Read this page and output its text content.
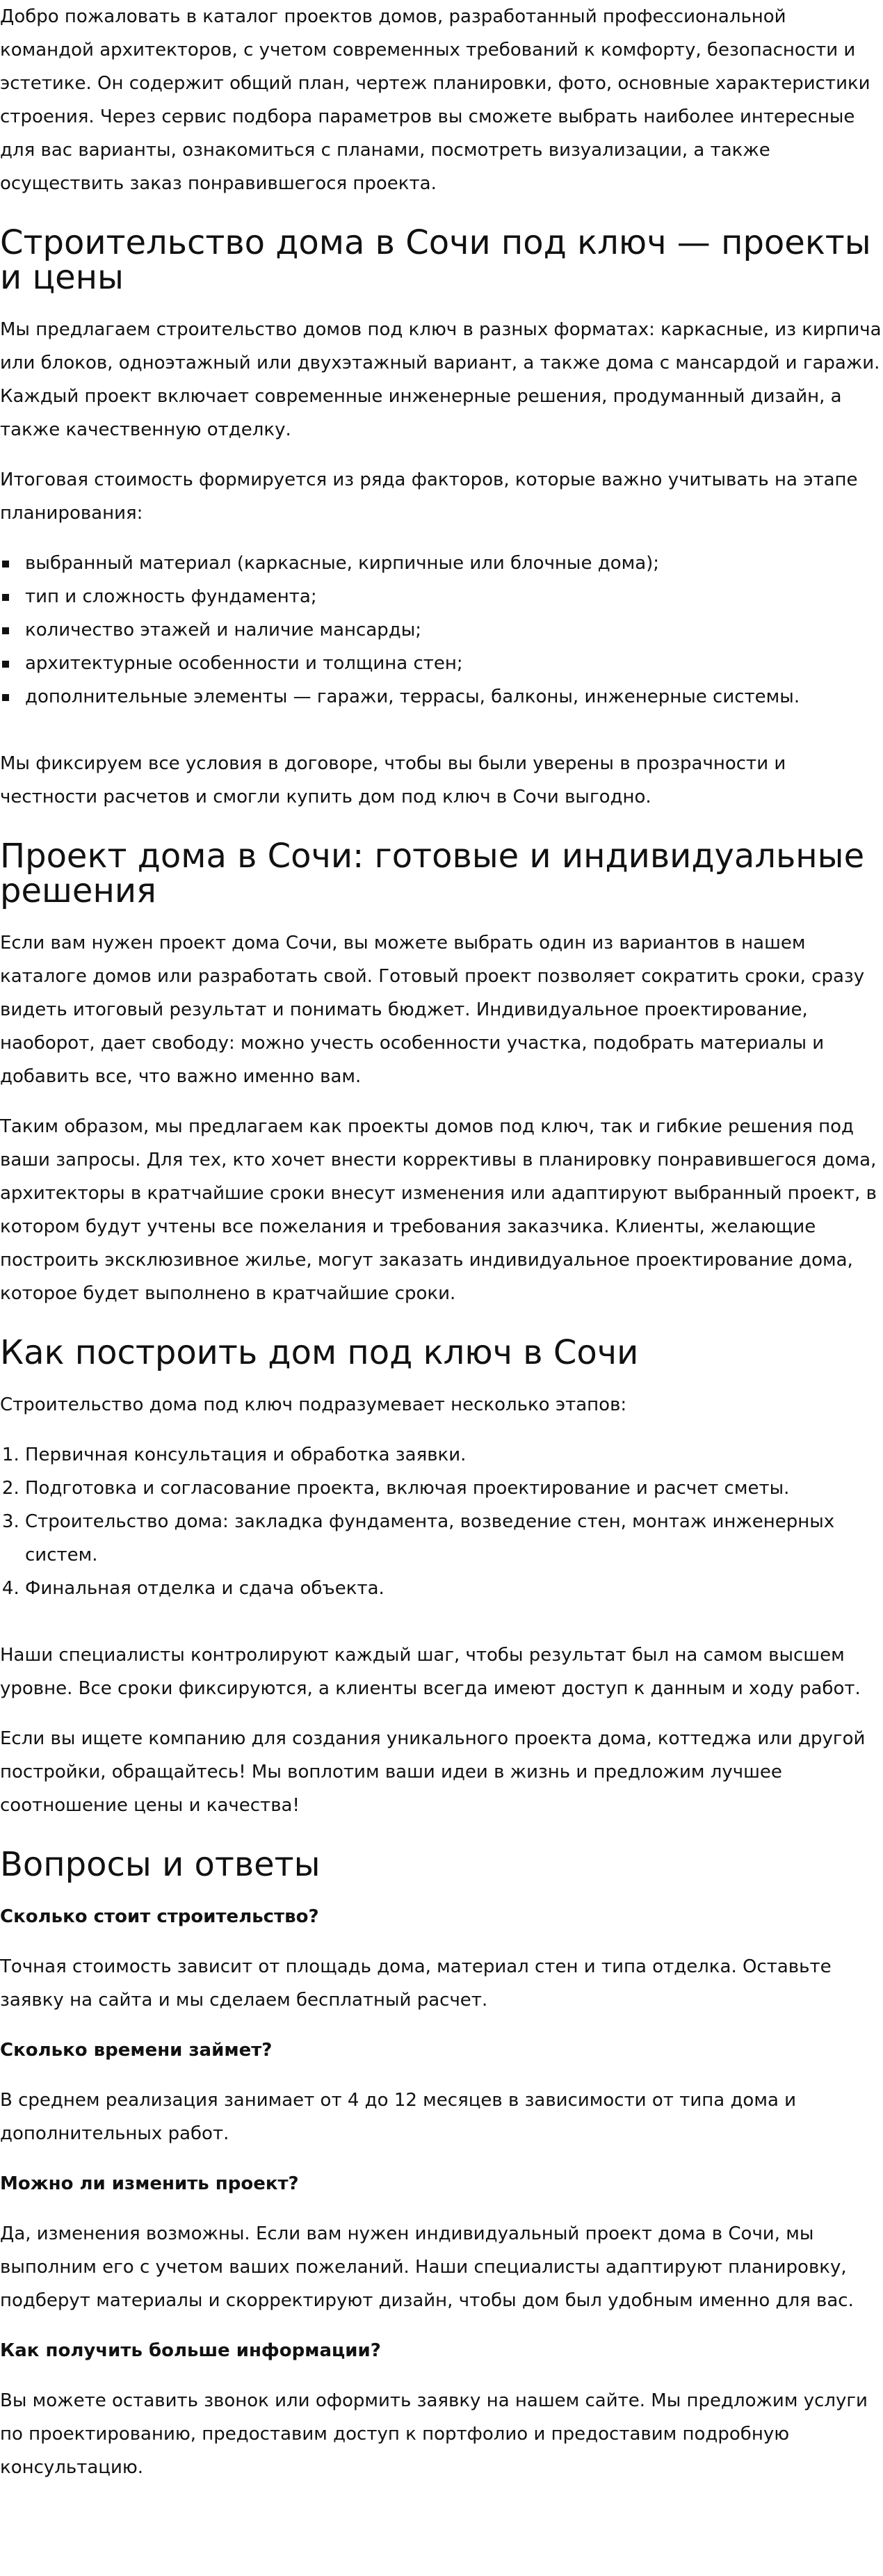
Добро пожаловать в каталог проектов домов, разработанный профессиональной командой архитекторов, с учетом современных требований к комфорту, безопасности и эстетике. Он содержит общий план, чертеж планировки, фото, основные характеристики строения. Через сервис подбора параметров вы сможете выбрать наиболее интересные для вас варианты, ознакомиться с планами, посмотреть визуализации, а также осуществить заказ понравившегося проекта.

Строительство дома в Сочи под ключ — проекты и цены

Мы предлагаем строительство домов под ключ в разных форматах: каркасные, из кирпича или блоков, одноэтажный или двухэтажный вариант, а также дома с мансардой и гаражи. Каждый проект включает современные инженерные решения, продуманный дизайн, а также качественную отделку.

Итоговая стоимость формируется из ряда факторов, которые важно учитывать на этапе планирования:

выбранный материал (каркасные, кирпичные или блочные дома);
тип и сложность фундамента;
количество этажей и наличие мансарды;
архитектурные особенности и толщина стен;
дополнительные элементы — гаражи, террасы, балконы, инженерные системы.

Мы фиксируем все условия в договоре, чтобы вы были уверены в прозрачности и честности расчетов и смогли купить дом под ключ в Сочи выгодно.

Проект дома в Сочи: готовые и индивидуальные решения

Если вам нужен проект дома Сочи, вы можете выбрать один из вариантов в нашем каталоге домов или разработать свой. Готовый проект позволяет сократить сроки, сразу видеть итоговый результат и понимать бюджет. Индивидуальное проектирование, наоборот, дает свободу: можно учесть особенности участка, подобрать материалы и добавить все, что важно именно вам.

Таким образом, мы предлагаем как проекты домов под ключ, так и гибкие решения под ваши запросы. Для тех, кто хочет внести коррективы в планировку понравившегося дома, архитекторы в кратчайшие сроки внесут изменения или адаптируют выбранный проект, в котором будут учтены все пожелания и требования заказчика. Клиенты, желающие построить эксклюзивное жилье, могут заказать индивидуальное проектирование дома, которое будет выполнено в кратчайшие сроки.

Как построить дом под ключ в Сочи

Строительство дома под ключ подразумевает несколько этапов:

1. Первичная консультация и обработка заявки.
2. Подготовка и согласование проекта, включая проектирование и расчет сметы.
3. Строительство дома: закладка фундамента, возведение стен, монтаж инженерных систем.
4. Финальная отделка и сдача объекта.

Наши специалисты контролируют каждый шаг, чтобы результат был на самом высшем уровне. Все сроки фиксируются, а клиенты всегда имеют доступ к данным и ходу работ.

Если вы ищете компанию для создания уникального проекта дома, коттеджа или другой постройки, обращайтесь! Мы воплотим ваши идеи в жизнь и предложим лучшее соотношение цены и качества!

Вопросы и ответы

Сколько стоит строительство?

Точная стоимость зависит от площадь дома, материал стен и типа отделка. Оставьте заявку на сайта и мы сделаем бесплатный расчет.

Сколько времени займет?

В среднем реализация занимает от 4 до 12 месяцев в зависимости от типа дома и дополнительных работ.

Можно ли изменить проект?

Да, изменения возможны. Если вам нужен индивидуальный проект дома в Сочи, мы выполним его с учетом ваших пожеланий. Наши специалисты адаптируют планировку, подберут материалы и скорректируют дизайн, чтобы дом был удобным именно для вас.

Как получить больше информации?

Вы можете оставить звонок или оформить заявку на нашем сайте. Мы предложим услуги по проектированию, предоставим доступ к портфолио и предоставим подробную консультацию.
